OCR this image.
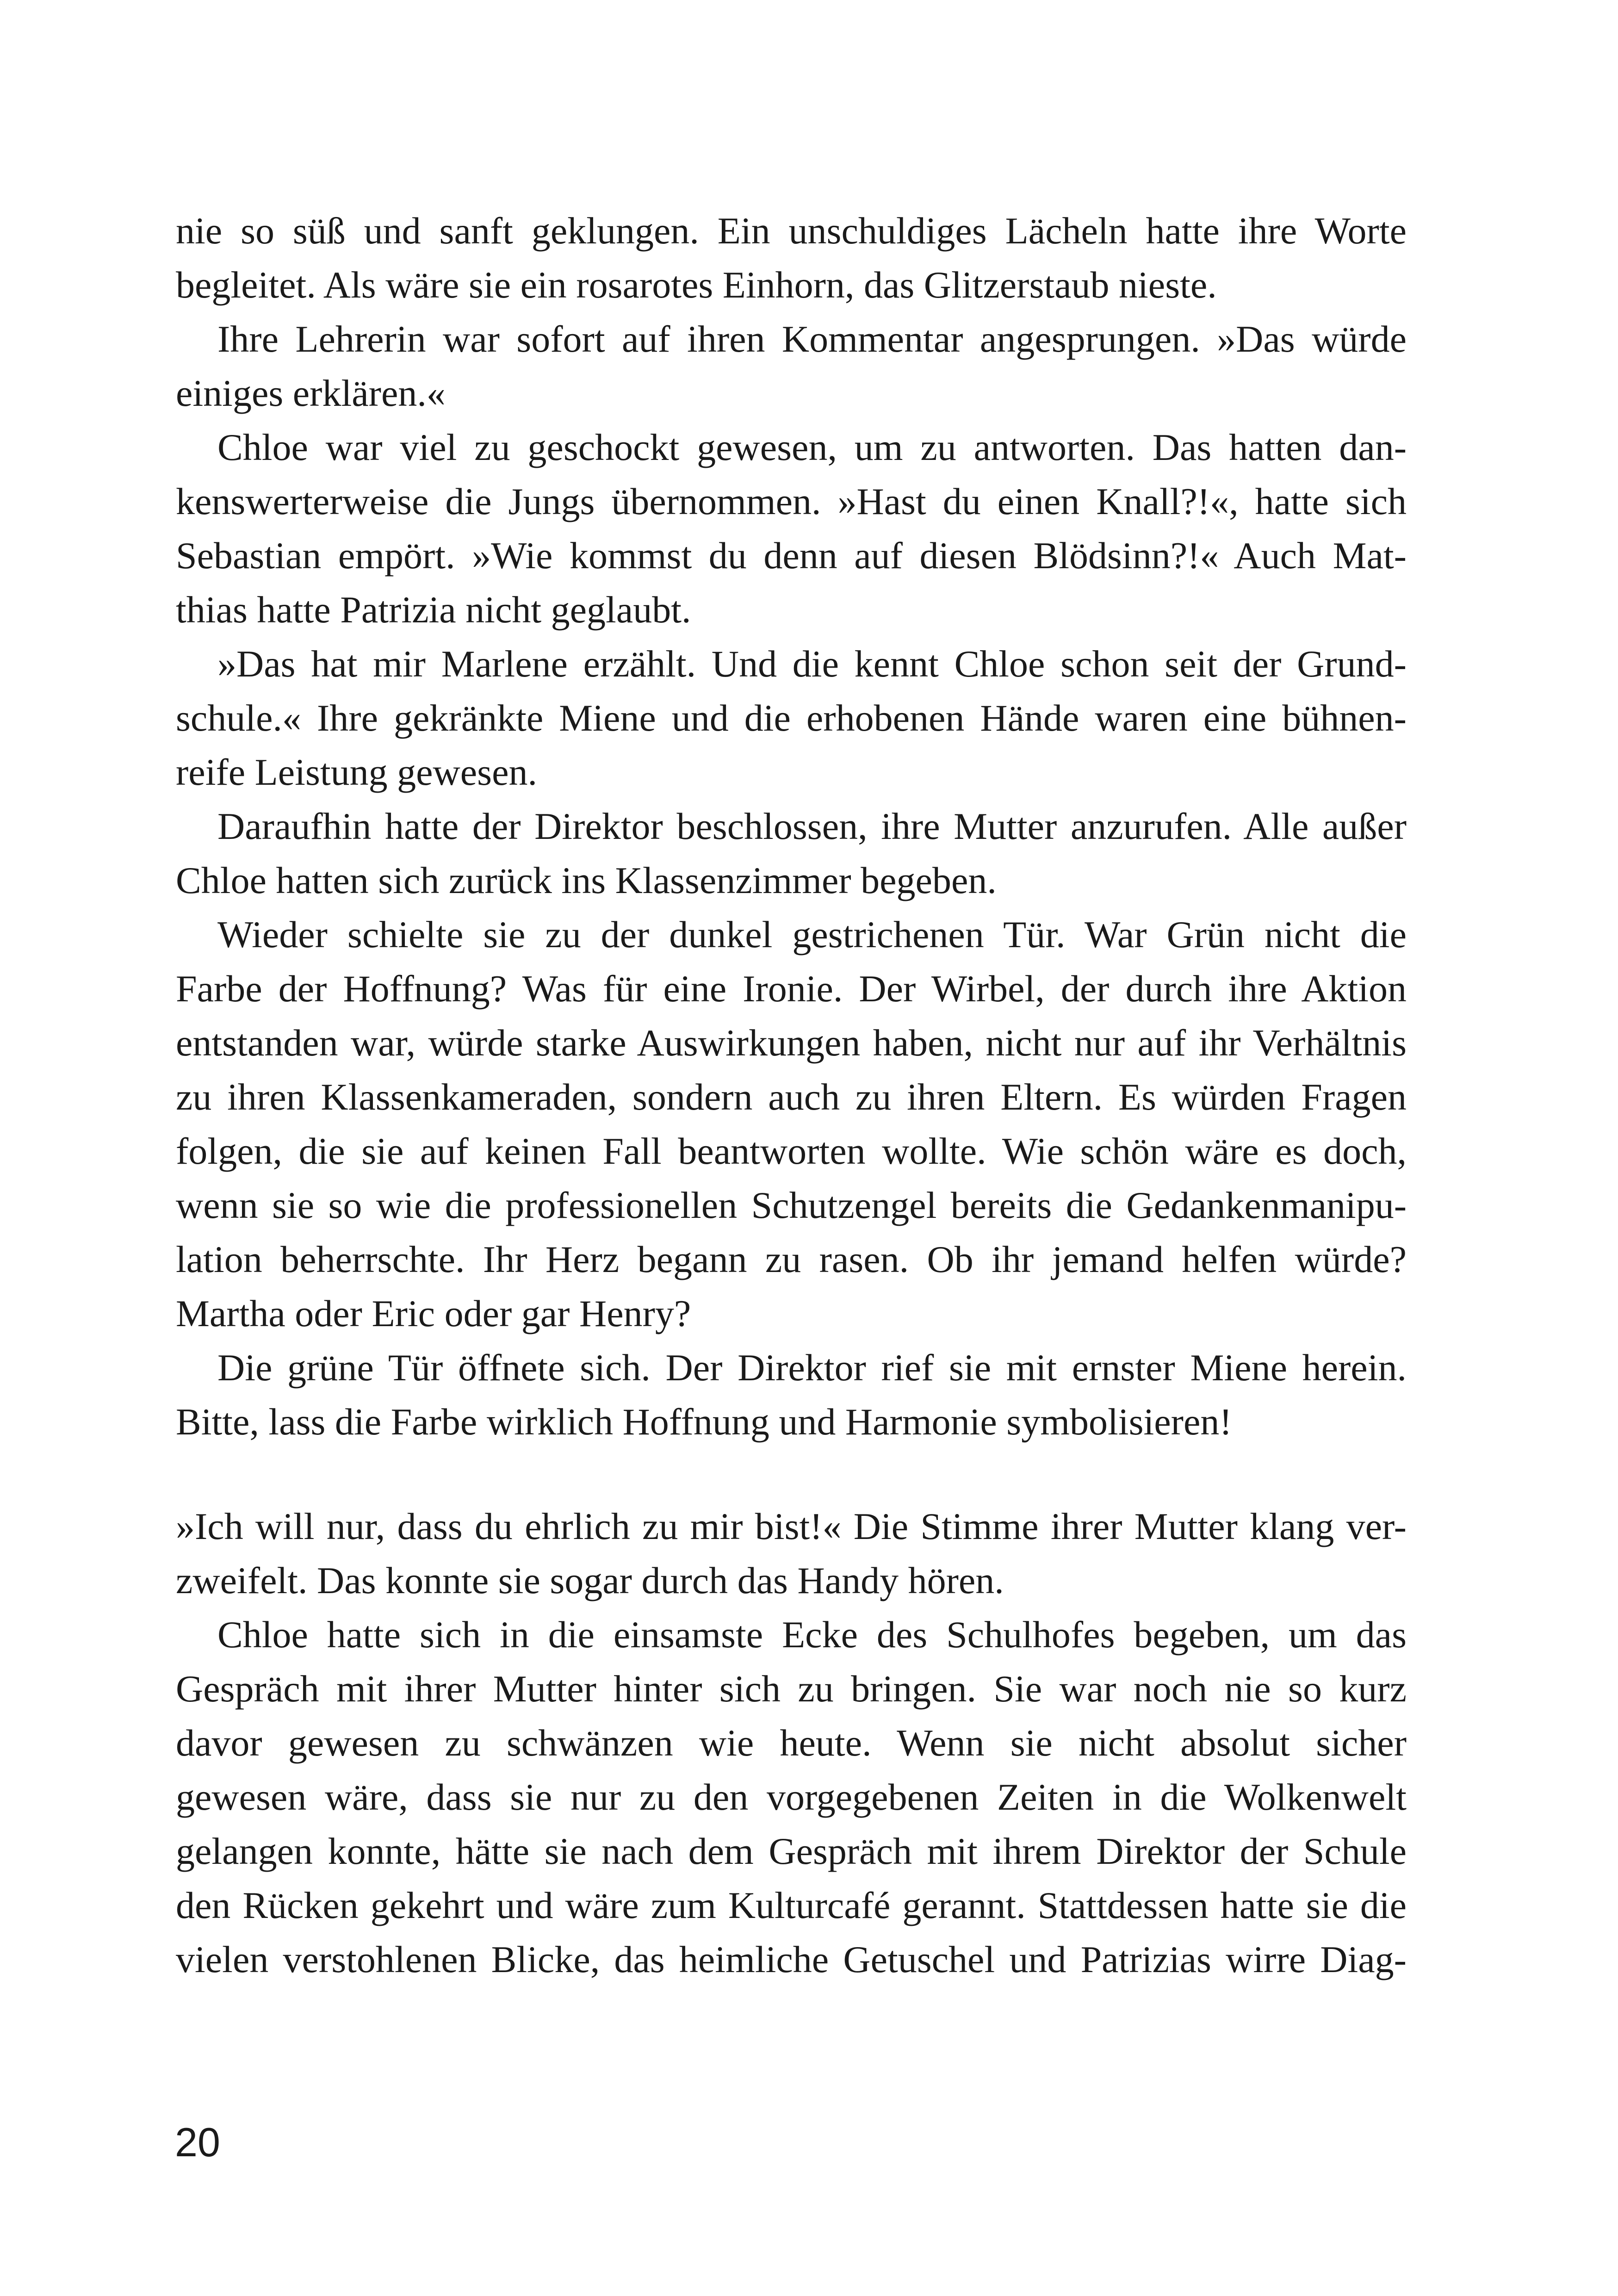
nie so süß und sanft geklungen. Ein unschuldiges Lächeln hatte ihre Worte
begleitet. Als wäre sie ein rosarotes Einhorn, das Glitzerstaub nieste.
Ihre Lehrerin war sofort auf ihren Kommentar angesprungen. »Das würde
einiges erklären.«
Chloe war viel zu geschockt gewesen, um zu antworten. Das hatten dan-
kenswerterweise die Jungs übernommen. »Hast du einen Knall?!«, hatte sich
Sebastian empört. »Wie kommst du denn auf diesen Blödsinn?!« Auch Mat-
thias hatte Patrizia nicht geglaubt.
»Das hat mir Marlene erzählt. Und die kennt Chloe schon seit der Grund-
schule.« Ihre gekränkte Miene und die erhobenen Hände waren eine bühnen-
reife Leistung gewesen.
Daraufhin hatte der Direktor beschlossen, ihre Mutter anzurufen. Alle außer
Chloe hatten sich zurück ins Klassenzimmer begeben.
Wieder schielte sie zu der dunkel gestrichenen Tür. War Grün nicht die
Farbe der Hoffnung? Was für eine Ironie. Der Wirbel, der durch ihre Aktion
entstanden war, würde starke Auswirkungen haben, nicht nur auf ihr Verhältnis
zu ihren Klassenkameraden, sondern auch zu ihren Eltern. Es würden Fragen
folgen, die sie auf keinen Fall beantworten wollte. Wie schön wäre es doch,
wenn sie so wie die professionellen Schutzengel bereits die Gedankenmanipu-
lation beherrschte. Ihr Herz begann zu rasen. Ob ihr jemand helfen würde?
Martha oder Eric oder gar Henry?
Die grüne Tür öffnete sich. Der Direktor rief sie mit ernster Miene herein.
Bitte, lass die Farbe wirklich Hoffnung und Harmonie symbolisieren!
»Ich will nur, dass du ehrlich zu mir bist!« Die Stimme ihrer Mutter klang ver-
zweifelt. Das konnte sie sogar durch das Handy hören.
Chloe hatte sich in die einsamste Ecke des Schulhofes begeben, um das
Gespräch mit ihrer Mutter hinter sich zu bringen. Sie war noch nie so kurz
davor gewesen zu schwänzen wie heute. Wenn sie nicht absolut sicher
gewesen wäre, dass sie nur zu den vorgegebenen Zeiten in die Wolkenwelt
gelangen konnte, hätte sie nach dem Gespräch mit ihrem Direktor der Schule
den Rücken gekehrt und wäre zum Kulturcafé gerannt. Stattdessen hatte sie die
vielen verstohlenen Blicke, das heimliche Getuschel und Patrizias wirre Diag-
20
